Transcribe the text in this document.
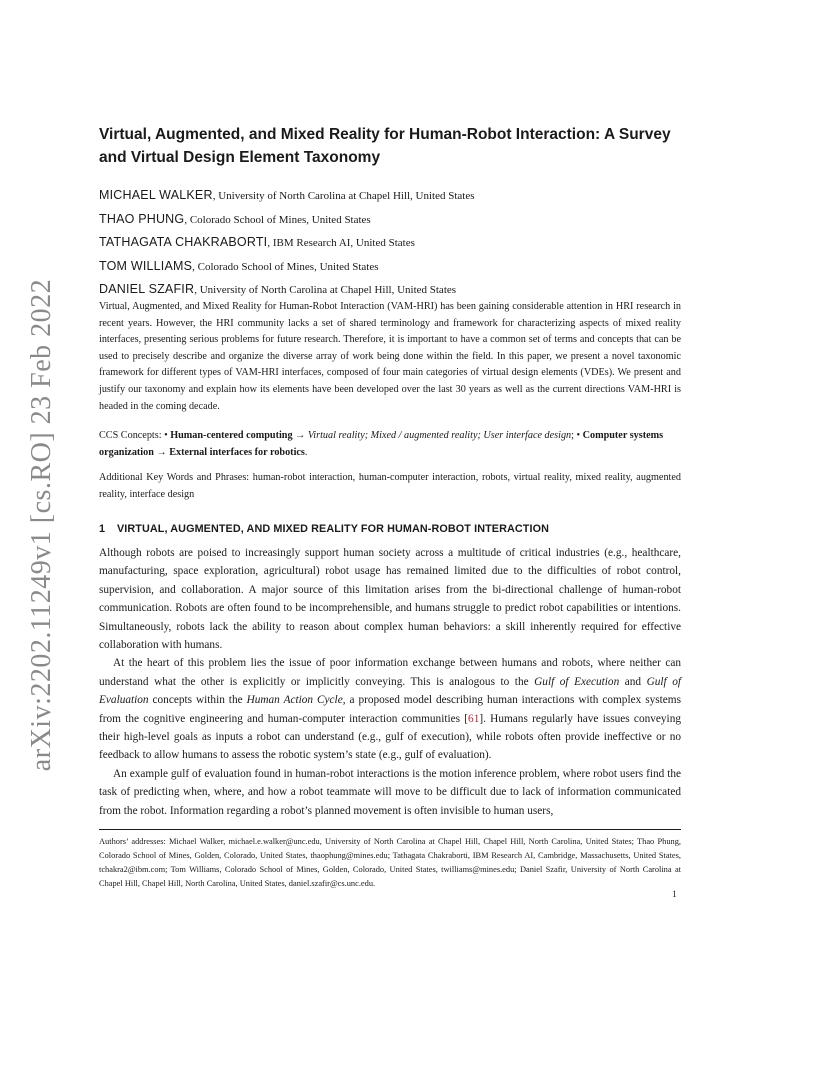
arXiv:2202.11249v1 [cs.RO] 23 Feb 2022
Virtual, Augmented, and Mixed Reality for Human-Robot Interaction: A Survey and Virtual Design Element Taxonomy
MICHAEL WALKER, University of North Carolina at Chapel Hill, United States
THAO PHUNG, Colorado School of Mines, United States
TATHAGATA CHAKRABORTI, IBM Research AI, United States
TOM WILLIAMS, Colorado School of Mines, United States
DANIEL SZAFIR, University of North Carolina at Chapel Hill, United States

Virtual, Augmented, and Mixed Reality for Human-Robot Interaction (VAM-HRI) has been gaining considerable attention in HRI research in recent years. However, the HRI community lacks a set of shared terminology and framework for characterizing aspects of mixed reality interfaces, presenting serious problems for future research. Therefore, it is important to have a common set of terms and concepts that can be used to precisely describe and organize the diverse array of work being done within the field. In this paper, we present a novel taxonomic framework for different types of VAM-HRI interfaces, composed of four main categories of virtual design elements (VDEs). We present and justify our taxonomy and explain how its elements have been developed over the last 30 years as well as the current directions VAM-HRI is headed in the coming decade.

CCS Concepts: • Human-centered computing → Virtual reality; Mixed / augmented reality; User interface design; • Computer systems organization → External interfaces for robotics.

Additional Key Words and Phrases: human-robot interaction, human-computer interaction, robots, virtual reality, mixed reality, augmented reality, interface design

1 VIRTUAL, AUGMENTED, AND MIXED REALITY FOR HUMAN-ROBOT INTERACTION

Although robots are poised to increasingly support human society across a multitude of critical industries (e.g., healthcare, manufacturing, space exploration, agricultural) robot usage has remained limited due to the difficulties of robot control, supervision, and collaboration. A major source of this limitation arises from the bi-directional challenge of human-robot communication. Robots are often found to be incomprehensible, and humans struggle to predict robot capabilities or intentions. Simultaneously, robots lack the ability to reason about complex human behaviors: a skill inherently required for effective collaboration with humans.

At the heart of this problem lies the issue of poor information exchange between humans and robots, where neither can understand what the other is explicitly or implicitly conveying. This is analogous to the Gulf of Execution and Gulf of Evaluation concepts within the Human Action Cycle, a proposed model describing human interactions with complex systems from the cognitive engineering and human-computer interaction communities [61]. Humans regularly have issues conveying their high-level goals as inputs a robot can understand (e.g., gulf of execution), while robots often provide ineffective or no feedback to allow humans to assess the robotic system’s state (e.g., gulf of evaluation).

An example gulf of evaluation found in human-robot interactions is the motion inference problem, where robot users find the task of predicting when, where, and how a robot teammate will move to be difficult due to lack of information communicated from the robot. Information regarding a robot’s planned movement is often invisible to human users,

Authors’ addresses: Michael Walker, michael.e.walker@unc.edu, University of North Carolina at Chapel Hill, Chapel Hill, North Carolina, United States; Thao Phung, Colorado School of Mines, Golden, Colorado, United States, thaophung@mines.edu; Tathagata Chakraborti, IBM Research AI, Cambridge, Massachusetts, United States, tchakra2@ibm.com; Tom Williams, Colorado School of Mines, Golden, Colorado, United States, twilliams@mines.edu; Daniel Szafir, University of North Carolina at Chapel Hill, Chapel Hill, North Carolina, United States, daniel.szafir@cs.unc.edu.

1
